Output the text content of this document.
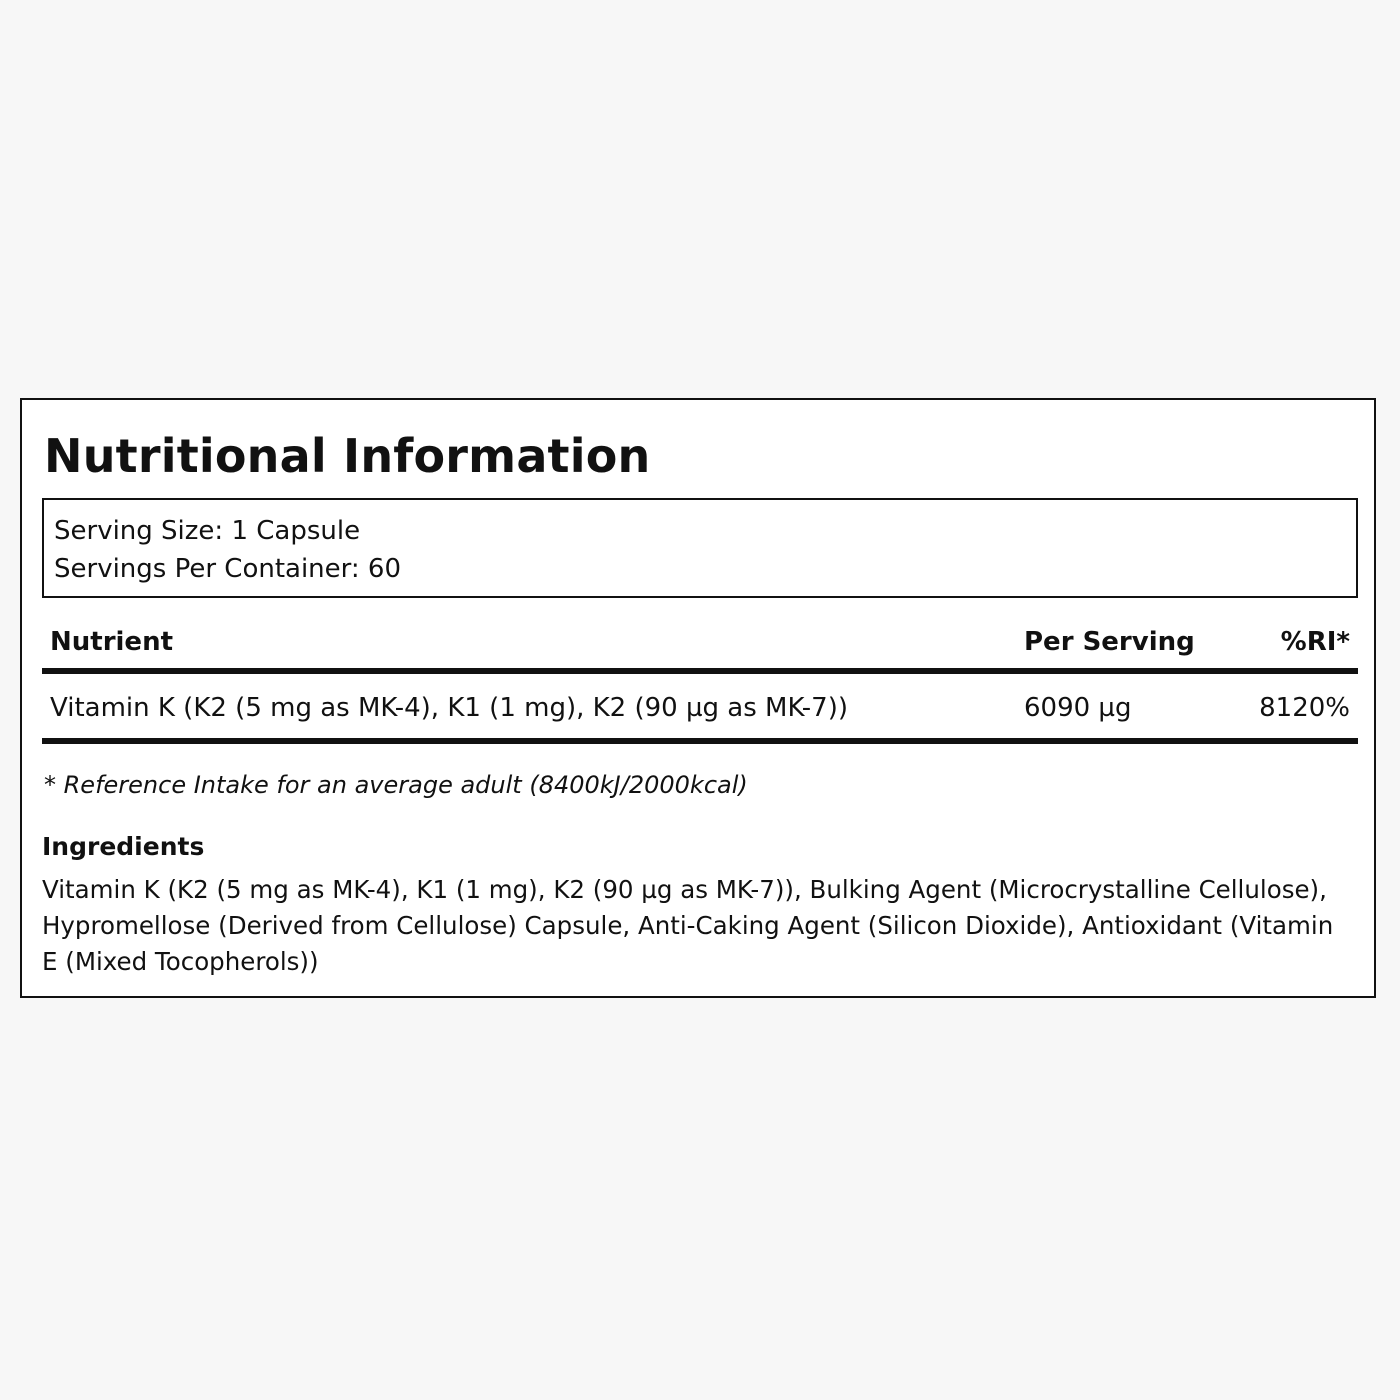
Nutritional Information
Serving Size: 1 Capsule
Servings Per Container: 60
Nutrient	Per Serving	%RI*
Vitamin K (K2 (5 mg as MK-4), K1 (1 mg), K2 (90 µg as MK-7))	6090 µg	8120%

* Reference Intake for an average adult (8400kJ/2000kcal)

Ingredients

Vitamin K (K2 (5 mg as MK-4), K1 (1 mg), K2 (90 µg as MK-7)), Bulking Agent (Microcrystalline Cellulose), Hypromellose (Derived from Cellulose) Capsule, Anti-Caking Agent (Silicon Dioxide), Antioxidant (Vitamin E (Mixed Tocopherols))
